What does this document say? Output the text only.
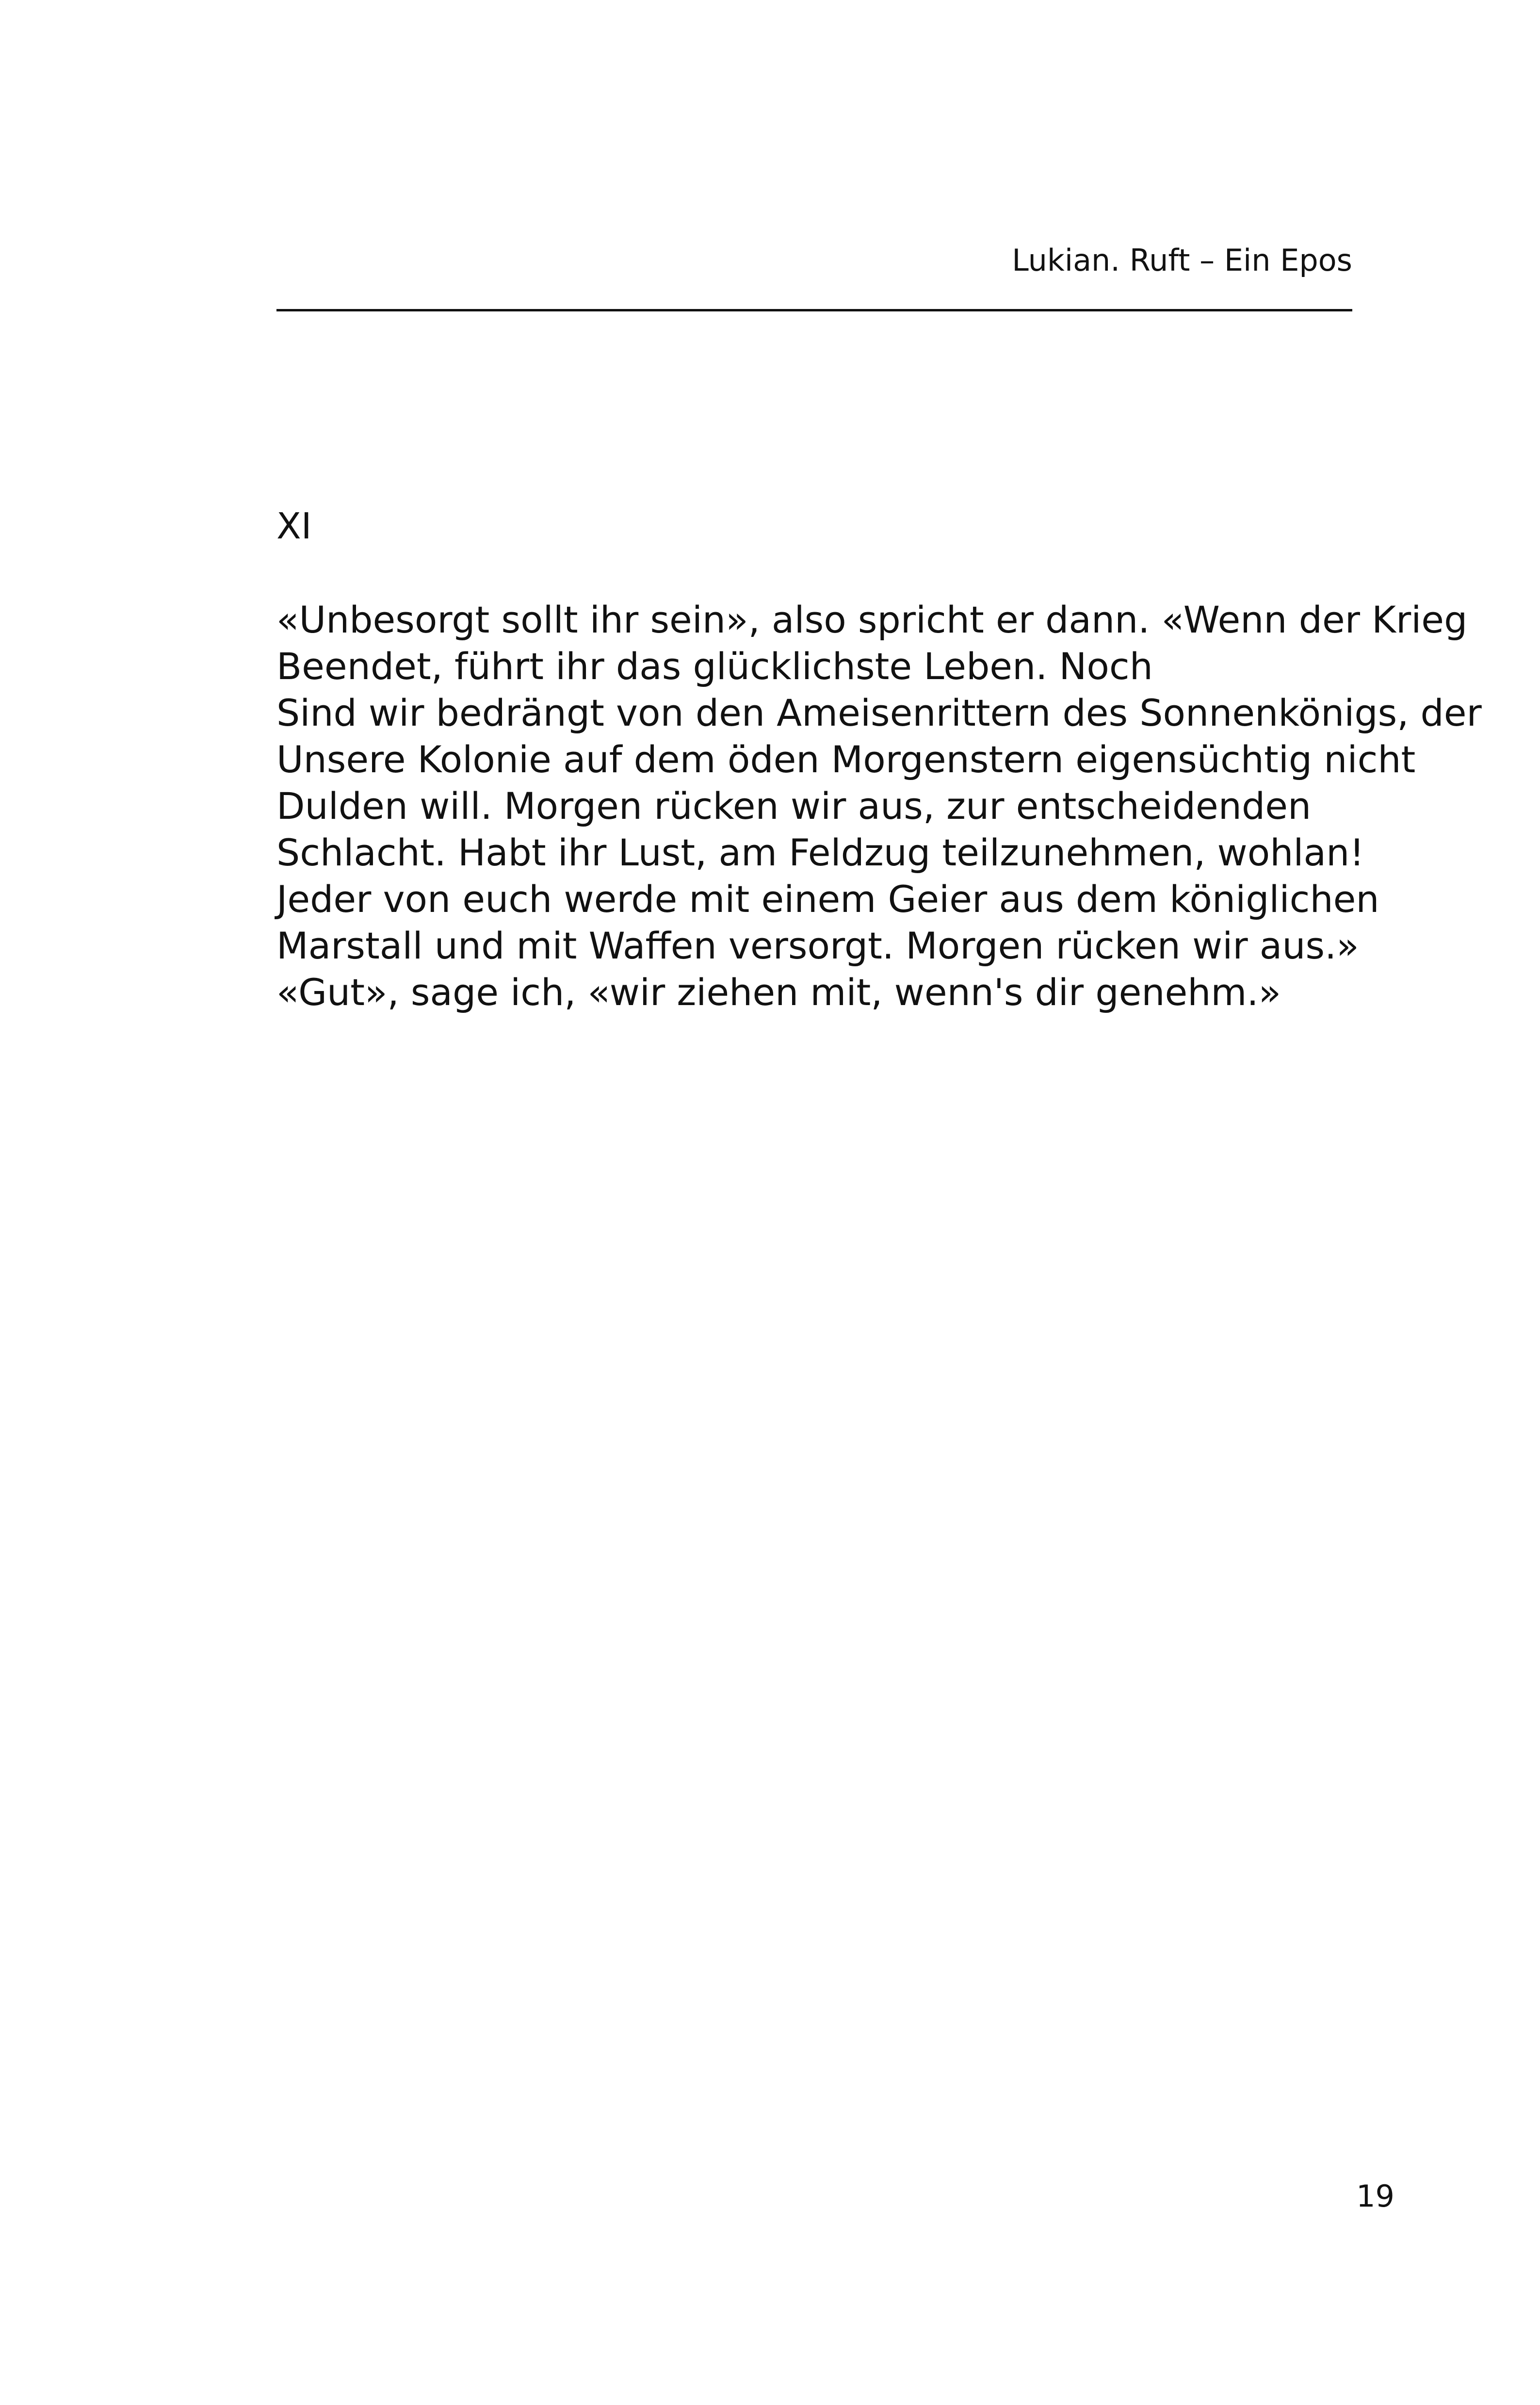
Lukian. Ruft – Ein Epos
XI
«Unbesorgt sollt ihr sein», also spricht er dann. «Wenn der Krieg
Beendet, führt ihr das glücklichste Leben. Noch
Sind wir bedrängt von den Ameisenrittern des Sonnenkönigs, der
Unsere Kolonie auf dem öden Morgenstern eigensüchtig nicht
Dulden will. Morgen rücken wir aus, zur entscheidenden
Schlacht. Habt ihr Lust, am Feldzug teilzunehmen, wohlan!
Jeder von euch werde mit einem Geier aus dem königlichen
Marstall und mit Waffen versorgt. Morgen rücken wir aus.»
«Gut», sage ich, «wir ziehen mit, wenn's dir genehm.»
19
